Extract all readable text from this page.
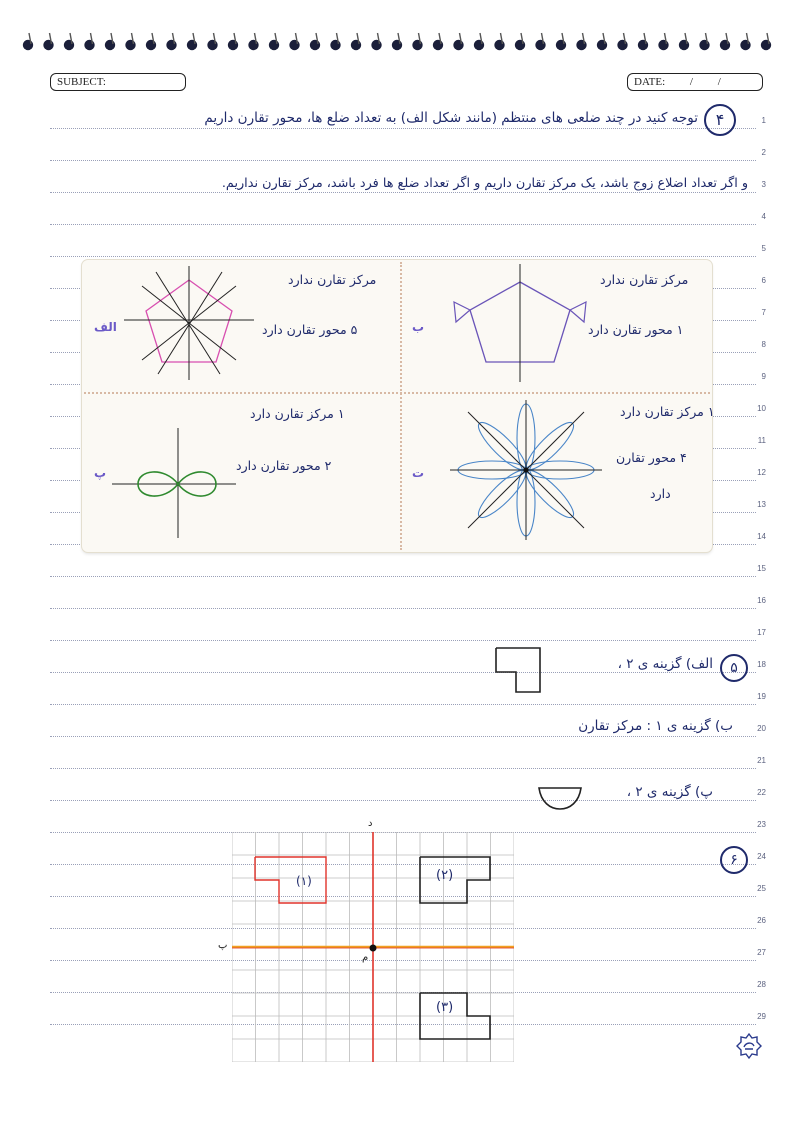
SUBJECT:	DATE: / /
1
2
3
4
5
6
7
8
9
10
11
12
13
14
15
16
17
18
19
20
21
22
23
24
25
26
27
28
29
۴
توجه کنید در چند ضلعی های منتظم (مانند شکل الف) به تعداد ضلع ها، محور تقارن داریم
و اگر تعداد اضلاع زوج باشد، یک مرکز تقارن داریم و اگر تعداد ضلع ها فرد باشد، مرکز تقارن نداریم.
الف
مرکز تقارن ندارد
۵ محور تقارن دارد	ب
مرکز تقارن ندارد
۱ محور تقارن دارد
پ
۱ مرکز تقارن دارد
۲ محور تقارن دارد	ت
۱ مرکز تقارن دارد
۴ محور تقارن
دارد
۵
الف) گزینه ی ۲ ،
ب) گزینه ی ۱ : مرکز تقارن
پ) گزینه ی ۲ ،
۶
د
پ
م
(۱)	(۲)
(۳)
